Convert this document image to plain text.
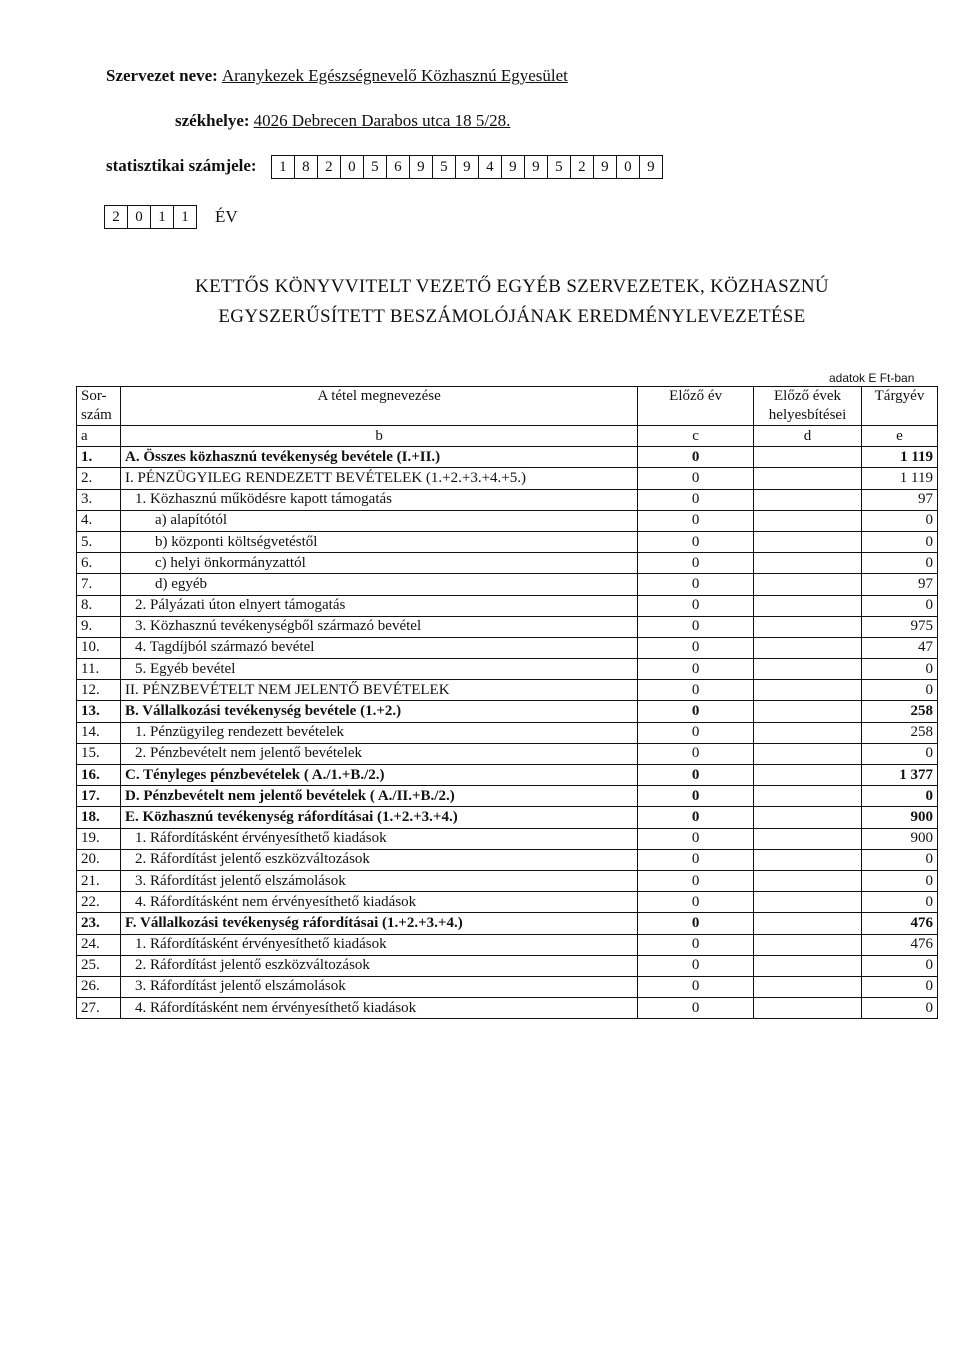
Szervezet neve: Aranykezek Egészségnevelő Közhasznú Egyesület
székhelye: 4026 Debrecen Darabos utca 18 5/28.
statisztikai számjele:	1	8	2	0	5	6	9	5	9	4	9	9	5	2	9	0	9
2	0	1	1	ÉV
KETTŐS KÖNYVVITELT VEZETŐ EGYÉB SZERVEZETEK, KÖZHASZNÚ
EGYSZERŰSÍTETT BESZÁMOLÓJÁNAK EREDMÉNYLEVEZETÉSE
adatok E Ft-ban
Sor-
szám	A tétel megnevezése	Előző év	Előző évek
helyesbítései	Tárgyév
a	b	c	d	e
1.	A. Összes közhasznú tevékenység bevétele (I.+II.)	0		1 119
2.	I. PÉNZÜGYILEG RENDEZETT BEVÉTELEK (1.+2.+3.+4.+5.)	0		1 119
3.	1. Közhasznú működésre kapott támogatás	0		97
4.	a) alapítótól	0		0
5.	b) központi költségvetéstől	0		0
6.	c) helyi önkormányzattól	0		0
7.	d) egyéb	0		97
8.	2. Pályázati úton elnyert támogatás	0		0
9.	3. Közhasznú tevékenységből származó bevétel	0		975
10.	4. Tagdíjból származó bevétel	0		47
11.	5. Egyéb bevétel	0		0
12.	II. PÉNZBEVÉTELT NEM JELENTŐ BEVÉTELEK	0		0
13.	B. Vállalkozási tevékenység bevétele (1.+2.)	0		258
14.	1. Pénzügyileg rendezett bevételek	0		258
15.	2. Pénzbevételt nem jelentő bevételek	0		0
16.	C. Tényleges pénzbevételek ( A./1.+B./2.)	0		1 377
17.	D. Pénzbevételt nem jelentő bevételek ( A./II.+B./2.)	0		0
18.	E. Közhasznú tevékenység ráfordításai (1.+2.+3.+4.)	0		900
19.	1. Ráfordításként érvényesíthető kiadások	0		900
20.	2. Ráfordítást jelentő eszközváltozások	0		0
21.	3. Ráfordítást jelentő elszámolások	0		0
22.	4. Ráfordításként nem érvényesíthető kiadások	0		0
23.	F. Vállalkozási tevékenység ráfordításai (1.+2.+3.+4.)	0		476
24.	1. Ráfordításként érvényesíthető kiadások	0		476
25.	2. Ráfordítást jelentő eszközváltozások	0		0
26.	3. Ráfordítást jelentő elszámolások	0		0
27.	4. Ráfordításként nem érvényesíthető kiadások	0		0
